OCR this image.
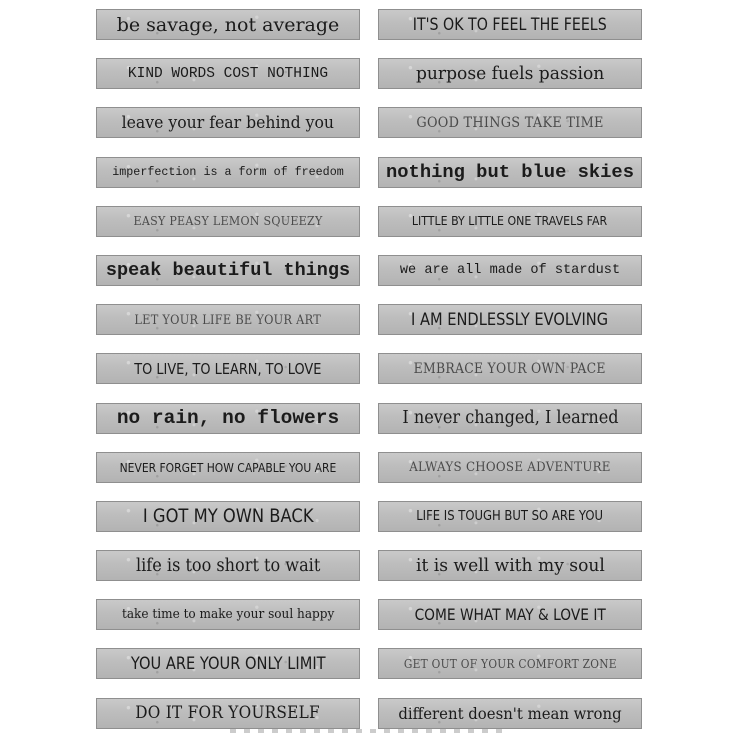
be savage, not average
KIND WORDS COST NOTHING
leave your fear behind you
imperfection is a form of freedom
EASY PEASY LEMON SQUEEZY
speak beautiful things
LET YOUR LIFE BE YOUR ART
TO LIVE, TO LEARN, TO LOVE
no rain, no flowers
NEVER FORGET HOW CAPABLE YOU ARE
I GOT MY OWN BACK
life is too short to wait
take time to make your soul happy
YOU ARE YOUR ONLY LIMIT
DO IT FOR YOURSELF
IT'S OK TO FEEL THE FEELS
purpose fuels passion
GOOD THINGS TAKE TIME
nothing but blue skies
LITTLE BY LITTLE ONE TRAVELS FAR
we are all made of stardust
I AM ENDLESSLY EVOLVING
EMBRACE YOUR OWN PACE
I never changed, I learned
ALWAYS CHOOSE ADVENTURE
LIFE IS TOUGH BUT SO ARE YOU
it is well with my soul
COME WHAT MAY & LOVE IT
GET OUT OF YOUR COMFORT ZONE
different doesn't mean wrong
